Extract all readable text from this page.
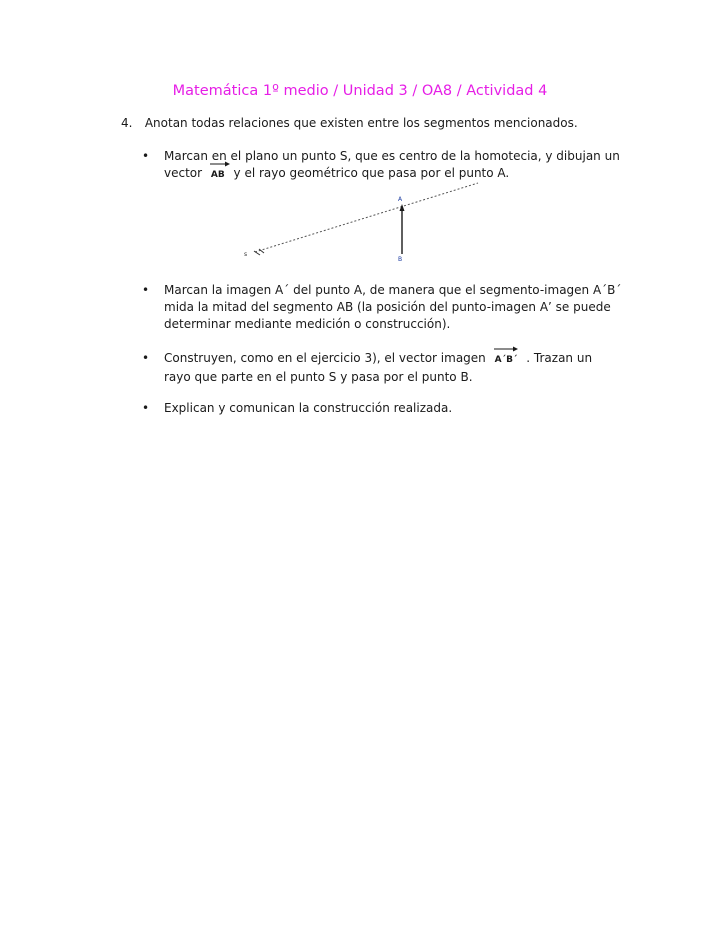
Matemática 1º medio / Unidad 3 / OA8 / Actividad 4
4. Anotan todas relaciones que existen entre los segmentos mencionados.
• Marcan en el plano un punto S, que es centro de la homotecia, y dibujan un vector AB y el rayo geométrico que pasa por el punto A.
s
A
B
• Marcan la imagen A´ del punto A, de manera que el segmento-imagen A´B´ mida la mitad del segmento AB (la posición del punto-imagen A’ se puede determinar mediante medición o construcción).
• Construyen, como en el ejercicio 3), el vector imagen A´B´ . Trazan un rayo que parte en el punto S y pasa por el punto B.
• Explican y comunican la construcción realizada.
